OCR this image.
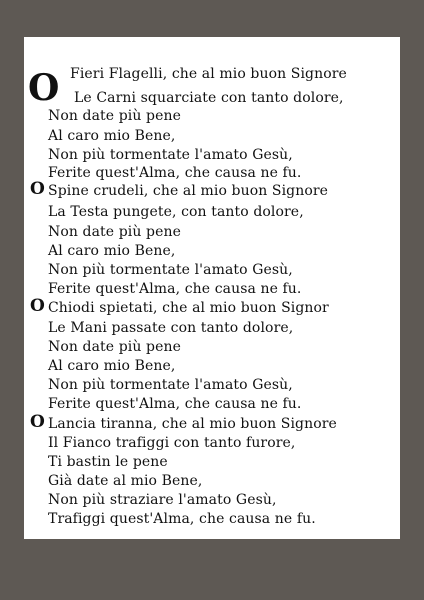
O Fieri Flagelli, che al mio buon Signore
Le Carni squarciate con tanto dolore,
Non date più pene
Al caro mio Bene,
Non più tormentate l'amato Gesù,
Ferite quest'Alma, che causa ne fu.
O Spine crudeli, che al mio buon Signore
La Testa pungete, con tanto dolore,
Non date più pene
Al caro mio Bene,
Non più tormentate l'amato Gesù,
Ferite quest'Alma, che causa ne fu.
O Chiodi spietati, che al mio buon Signor
Le Mani passate con tanto dolore,
Non date più pene
Al caro mio Bene,
Non più tormentate l'amato Gesù,
Ferite quest'Alma, che causa ne fu.
O Lancia tiranna, che al mio buon Signore
Il Fianco trafiggi con tanto furore,
Ti bastin le pene
Già date al mio Bene,
Non più straziare l'amato Gesù,
Trafiggi quest'Alma, che causa ne fu.
